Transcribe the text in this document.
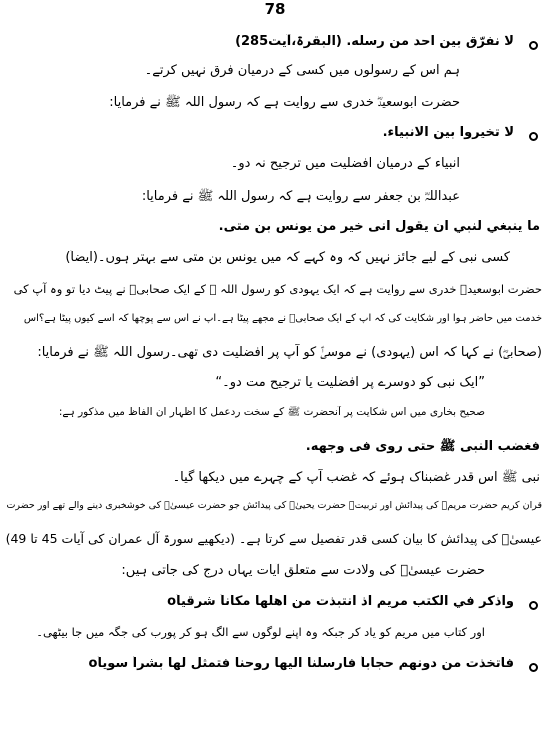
78
لا نفرّق بين احد من رسله. (البقرۃ،آیت285)
ہم اس کے رسولوں میں کسی کے درمیان فرق نہیں کرتے۔
حضرت ابوسعیدؓ خدری سے روایت ہے کہ رسول اللہ ﷺ نے فرمایا:
لا تخيروا بين الانبياء.
انبیاء کے درمیان افضلیت میں ترجیح نہ دو۔
عبداللہؓ بن جعفر سے روایت ہے کہ رسول اللہ ﷺ نے فرمایا:
ما ينبغي لنبي ان يقول انى خير من يونس بن متى.
کسی نبی کے لیے جائز نہیں کہ وہ کہے کہ میں یونس بن متی سے بہتر ہوں۔(ایضاً)
حضرت ابوسعیدؓ خدری سے روایت ہے کہ ایک یہودی کو رسول اللہ ﷺ کے ایک صحابیؓ نے پیٹ دیا تو وہ آپ کی
خدمت میں حاضر ہوا اور شکایت کی کہ آپ کے ایک صحابیؓ نے مجھے پیٹا ہے۔آپ نے اس سے پوچھا کہ اسے کیوں پیٹا ہے؟اس
(صحابیؓ) نے کہا کہ اس (یہودی) نے موسیٰؑ کو آپ پر افضلیت دی تھی۔رسول اللہ ﷺ نے فرمایا:
”ایک نبی کو دوسرے پر افضلیت یا ترجیح مت دو۔“
صحیح بخاری میں اس شکایت پر آنحضرت ﷺ کے سخت ردعمل کا اظہار ان الفاظ میں مذکور ہے:
فغضب النبى ﷺ حتى روى فى وجهه.
نبی ﷺ اس قدر غضبناک ہوئے کہ غضب آپ کے چہرے میں دیکھا گیا۔
قرآن کریم حضرت مریمؑ کی پیدائش اور تربیتؑ حضرت یحییٰؑ کی پیدائش جو حضرت عیسیٰؑ کی خوشخبری دینے والے تھے اور حضرت
عیسیٰؑ کی پیدائش کا بیان کسی قدر تفصیل سے کرتا ہے۔ (دیکھیے سورۃ آل عمران کی آیات 45 تا 49)
حضرت عیسیٰؑ کی ولادت سے متعلق آیات یہاں درج کی جاتی ہیں:
واذكر في الكتب مريم اذ انتبذت من اهلها مكاناً شرقياًo
اور کتاب میں مریم کو یاد کر جبکہ وہ اپنے لوگوں سے الگ ہو کر پورب کی جگہ میں جا بیٹھی۔
فاتخذت من دونهم حجاباً فارسلنا اليها روحنا فتمثل لها بشراً سوياًo
